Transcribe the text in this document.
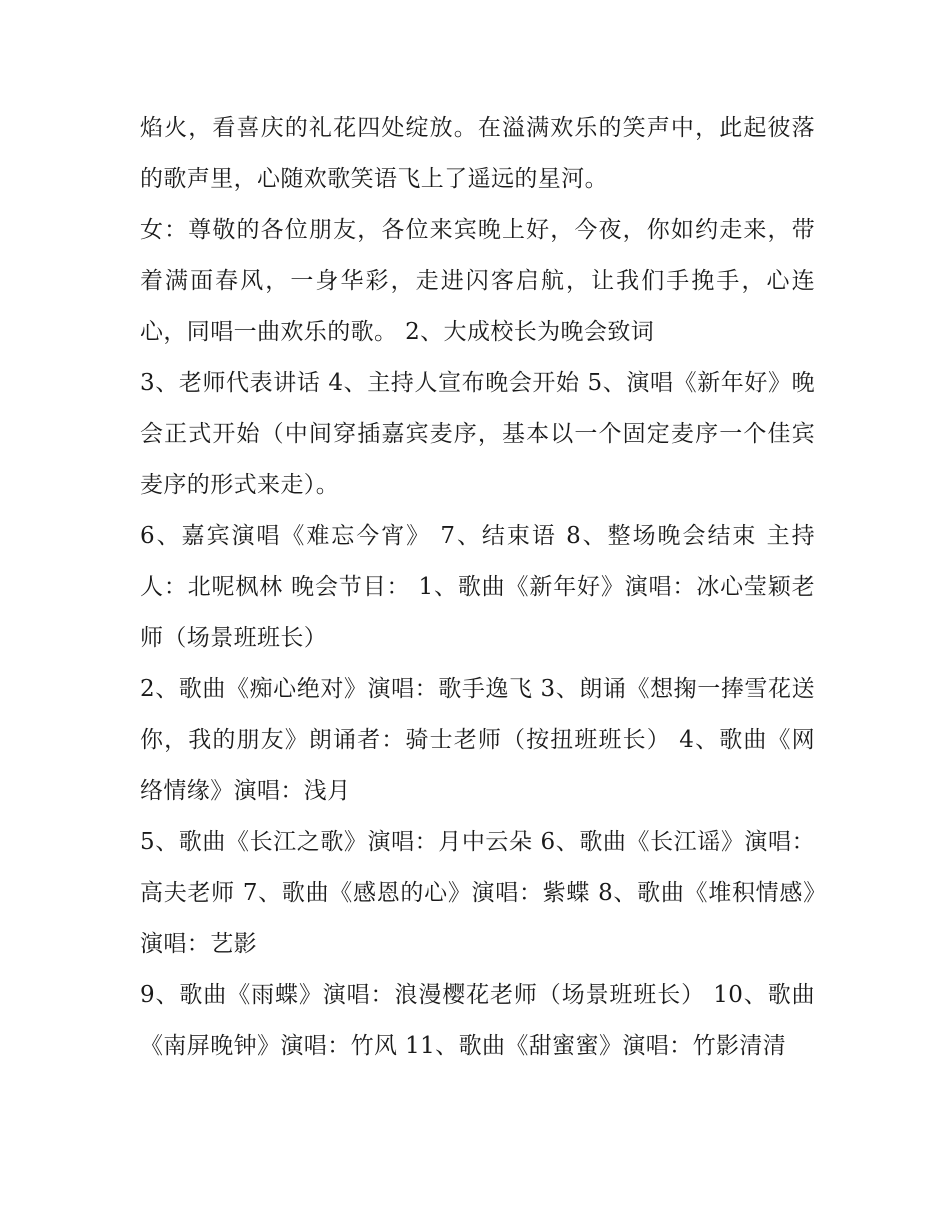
焰火，看喜庆的礼花四处绽放。在溢满欢乐的笑声中，此起彼落的歌声里，心随欢歌笑语飞上了遥远的星河。

女：尊敬的各位朋友，各位来宾晚上好，今夜，你如约走来，带着满面春风，一身华彩，走进闪客启航，让我们手挽手，心连心，同唱一曲欢乐的歌。 2、大成校长为晚会致词

3、老师代表讲话 4、主持人宣布晚会开始 5、演唱《新年好》晚会正式开始（中间穿插嘉宾麦序，基本以一个固定麦序一个佳宾麦序的形式来走）。

6、嘉宾演唱《难忘今宵》 7、结束语 8、整场晚会结束 主持人：北呢枫林 晚会节目： 1、歌曲《新年好》演唱：冰心莹颖老师（场景班班长）

2、歌曲《痴心绝对》演唱：歌手逸飞 3、朗诵《想掬一捧雪花送你，我的朋友》朗诵者：骑士老师（按扭班班长） 4、歌曲《网络情缘》演唱：浅月

5、歌曲《长江之歌》演唱：月中云朵 6、歌曲《长江谣》演唱：高夫老师 7、歌曲《感恩的心》演唱：紫蝶 8、歌曲《堆积情感》演唱：艺影

9、歌曲《雨蝶》演唱：浪漫樱花老师（场景班班长） 10、歌曲《南屏晚钟》演唱：竹风 11、歌曲《甜蜜蜜》演唱：竹影清清
